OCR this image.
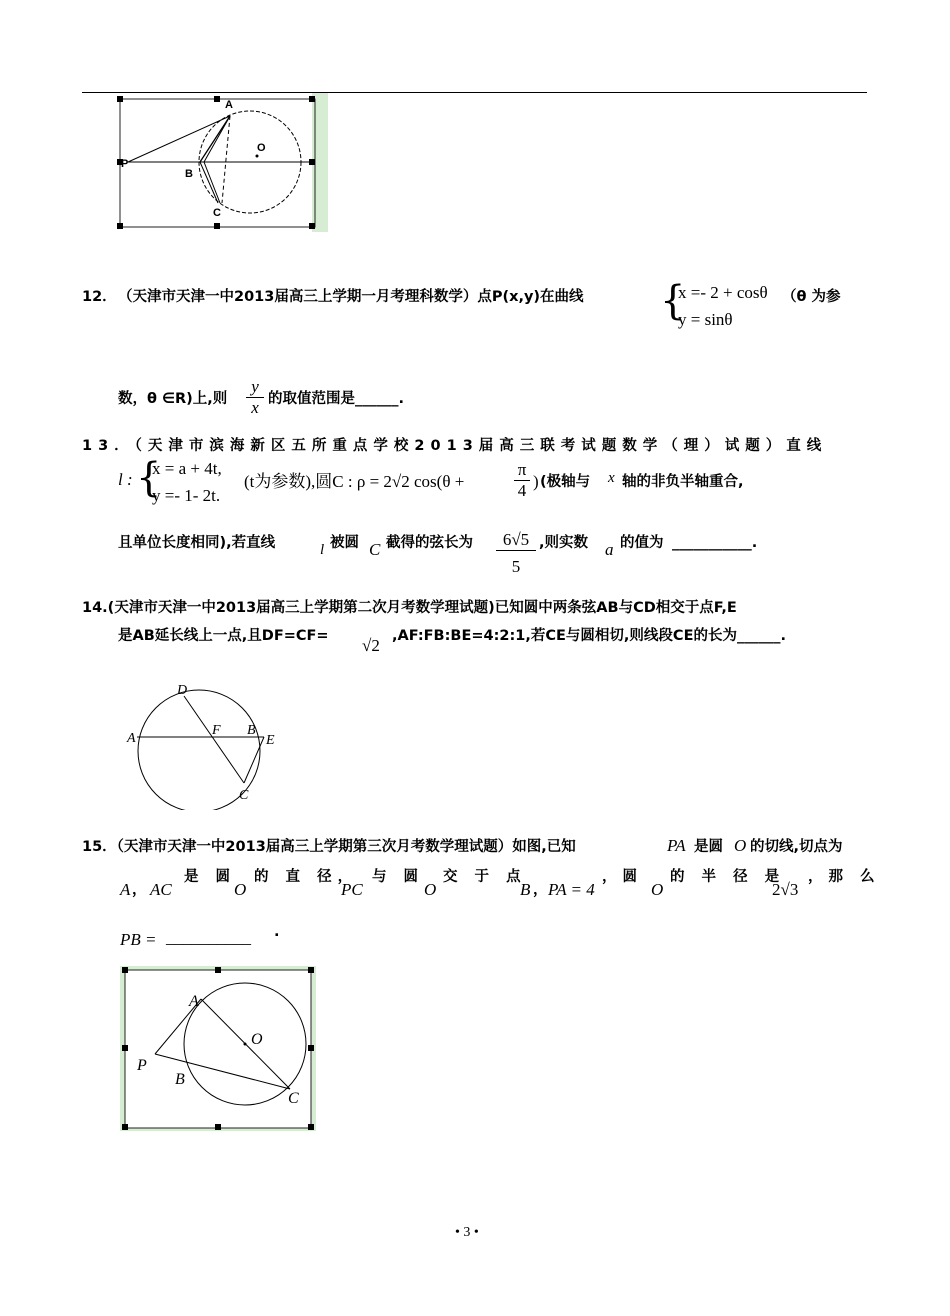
A
O
P
B
C
12． （天津市天津一中2013届高三上学期一月考理科数学）点P(x,y)在曲线 {
x =- 2 + cosθ
y = sinθ
（θ 为参
数，θ ∈R)上,则 $\frac{y}{x}$ 的取值范围是______.
13．（天津市滨海新区五所重点学校2013届高三联考试题数学（理）试题）直线
l : {
x = a + 4t,
y =- 1- 2t.
(t为参数),圆C : ρ = 2√2 cos(θ +	$\frac{\pi}{4}$ ) (极轴与 x 轴的非负半轴重合,
且单位长度相同),若直线	l 被圆 C 截得的弦长为 $\frac{6√5}{5}$ ,则实数 a 的值为 ___________.
14.(天津市天津一中2013届高三上学期第二次月考数学理试题)已知圆中两条弦AB与CD相交于点F,E
是AB延长线上一点,且DF=CF= √2 ,AF:FB:BE=4:2:1,若CE与圆相切,则线段CE的长为______.
D
A
F B
E
C
15．（天津市天津一中2013届高三上学期第三次月考数学理试题）如图,已知	PA 是圆 O 的切线,切点为
A ， AC
是 圆
O
的 直 径，
PC
与 圆
O
交 于 点
B ， PA = 4
，圆
O
的 半 径 是
2√3
，那 么
PB = __________ .
A
O
P
B
C
• 3 •
